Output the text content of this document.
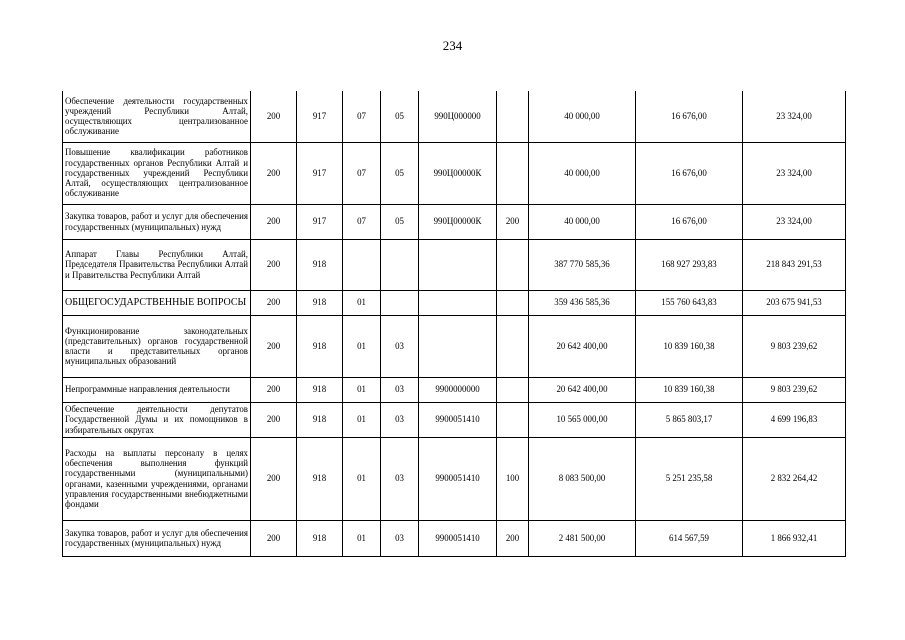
234
Обеспечение деятельности государственных учреждений Республики Алтай, осуществляющих централизованное обслуживание	200	917	07	05	990Ц000000		40 000,00	16 676,00	23 324,00
Повышение квалификации работников государственных органов Республики Алтай и государственных учреждений Республики Алтай, осуществляющих централизованное обслуживание	200	917	07	05	990Ц00000К		40 000,00	16 676,00	23 324,00
Закупка товаров, работ и услуг для обеспечения государственных (муниципальных) нужд	200	917	07	05	990Ц00000К	200	40 000,00	16 676,00	23 324,00
Аппарат Главы Республики Алтай, Председателя Правительства Республики Алтай и Правительства Республики Алтай	200	918					387 770 585,36	168 927 293,83	218 843 291,53
ОБЩЕГОСУДАРСТВЕННЫЕ ВОПРОСЫ	200	918	01				359 436 585,36	155 760 643,83	203 675 941,53
Функционирование законодательных (представительных) органов государственной власти и представительных органов муниципальных образований	200	918	01	03			20 642 400,00	10 839 160,38	9 803 239,62
Непрограммные направления деятельности	200	918	01	03	9900000000		20 642 400,00	10 839 160,38	9 803 239,62
Обеспечение деятельности депутатов Государственной Думы и их помощников в избирательных округах	200	918	01	03	9900051410		10 565 000,00	5 865 803,17	4 699 196,83
Расходы на выплаты персоналу в целях обеспечения выполнения функций государственными (муниципальными) органами, казенными учреждениями, органами управления государственными внебюджетными фондами	200	918	01	03	9900051410	100	8 083 500,00	5 251 235,58	2 832 264,42
Закупка товаров, работ и услуг для обеспечения государственных (муниципальных) нужд	200	918	01	03	9900051410	200	2 481 500,00	614 567,59	1 866 932,41
